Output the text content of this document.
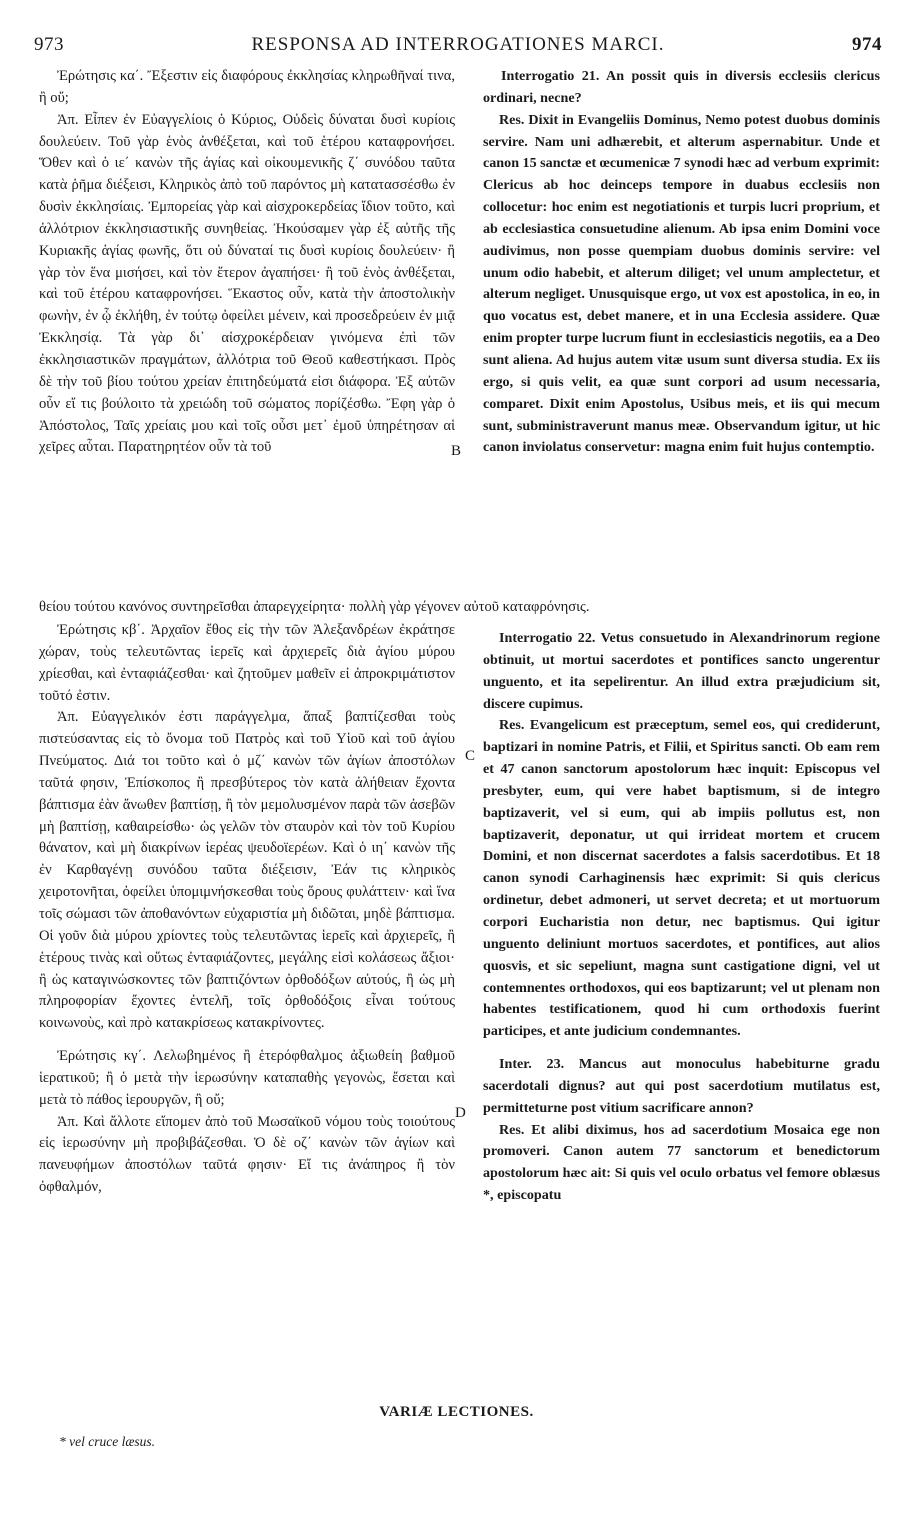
973	RESPONSA AD INTERROGATIONES MARCI.	974

Ἐρώτησις κα΄. Ἔξεστιν εἰς διαφόρους ἐκκλησίας κληρωθῆναί τινα, ἢ οὔ;

Ἀπ. Εἶπεν ἐν Εὐαγγελίοις ὁ Κύριος, Οὐδεὶς δύναται δυσὶ κυρίοις δουλεύειν. Τοῦ γὰρ ἑνὸς ἀνθέξεται, καὶ τοῦ ἑτέρου καταφρονήσει. Ὅθεν καὶ ὁ ιε΄ κανὼν τῆς ἁγίας καὶ οἰκουμενικῆς ζ΄ συνόδου ταῦτα κατὰ ῥῆμα διέξεισι, Κληρικὸς ἀπὸ τοῦ παρόντος μὴ κατατασσέσθω ἐν δυσὶν ἐκκλησίαις. Ἐμπορείας γὰρ καὶ αἰσχροκερδείας ἴδιον τοῦτο, καὶ ἀλλότριον ἐκκλησιαστικῆς συνηθείας. Ἠκούσαμεν γὰρ ἐξ αὐτῆς τῆς Κυριακῆς ἁγίας φωνῆς, ὅτι οὐ δύναταί τις δυσὶ κυρίοις δουλεύειν· ἢ γὰρ τὸν ἕνα μισήσει, καὶ τὸν ἕτερον ἀγαπήσει· ἢ τοῦ ἑνὸς ἀνθέξεται, καὶ τοῦ ἑτέρου καταφρονήσει. Ἕκαστος οὖν, κατὰ τὴν ἀποστολικὴν φωνὴν, ἐν ᾧ ἐκλήθη, ἐν τούτῳ ὀφείλει μένειν, καὶ προσεδρεύειν ἐν μιᾷ Ἐκκλησίᾳ. Τὰ γὰρ δι᾽ αἰσχροκέρδειαν γινόμενα ἐπὶ τῶν ἐκκλησιαστικῶν πραγμάτων, ἀλλότρια τοῦ Θεοῦ καθεστήκασι. Πρὸς δὲ τὴν τοῦ βίου τούτου χρείαν ἐπιτηδεύματά εἰσι διάφορα. Ἐξ αὐτῶν οὖν εἴ τις βούλοιτο τὰ χρειώδη τοῦ σώματος πορίζέσθω. Ἔφη γὰρ ὁ Ἀπόστολος, Ταῖς χρείαις μου καὶ τοῖς οὖσι μετ᾽ ἐμοῦ ὑπηρέτησαν αἱ χεῖρες αὗται. Παρατηρητέον οὖν τὰ τοῦ

θείου τούτου κανόνος συντηρεῖσθαι ἀπαρεγχείρητα· πολλὴ γὰρ γέγονεν αὐτοῦ καταφρόνησις.

Ἐρώτησις κβ΄. Ἀρχαῖον ἔθος εἰς τὴν τῶν Ἀλεξανδρέων ἐκράτησε χώραν, τοὺς τελευτῶντας ἱερεῖς καὶ ἀρχιερεῖς διὰ ἁγίου μύρου χρίεσθαι, καὶ ἐνταφιάζεσθαι· καὶ ζητοῦμεν μαθεῖν εἰ ἀπροκριμάτιστον τοῦτό ἐστιν.

Ἀπ. Εὐαγγελικόν ἐστι παράγγελμα, ἅπαξ βαπτίζεσθαι τοὺς πιστεύσαντας εἰς τὸ ὄνομα τοῦ Πατρὸς καὶ τοῦ Υἱοῦ καὶ τοῦ ἁγίου Πνεύματος. Διά τοι τοῦτο καὶ ὁ μζ΄ κανὼν τῶν ἁγίων ἀποστόλων ταῦτά φησιν, Ἐπίσκοπος ἢ πρεσβύτερος τὸν κατὰ ἀλήθειαν ἔχοντα βάπτισμα ἐὰν ἄνωθεν βαπτίσῃ, ἢ τὸν μεμολυσμένον παρὰ τῶν ἀσεβῶν μὴ βαπτίσῃ, καθαιρείσθω· ὡς γελῶν τὸν σταυρὸν καὶ τὸν τοῦ Κυρίου θάνατον, καὶ μὴ διακρίνων ἱερέας ψευδοϊερέων. Καὶ ὁ ιη΄ κανὼν τῆς ἐν Καρθαγένῃ συνόδου ταῦτα διέξεισιν, Ἐάν τις κληρικὸς χειροτονῆται, ὀφείλει ὑπομιμνήσκεσθαι τοὺς ὅρους φυλάττειν· καὶ ἵνα τοῖς σώμασι τῶν ἀποθανόντων εὐχαριστία μὴ διδῶται, μηδὲ βάπτισμα. Οἱ γοῦν διὰ μύρου χρίοντες τοὺς τελευτῶντας ἱερεῖς καὶ ἀρχιερεῖς, ἢ ἑτέρους τινὰς καὶ οὕτως ἐνταφιάζοντες, μεγάλης εἰσὶ κολάσεως ἄξιοι· ἢ ὡς καταγινώσκοντες τῶν βαπτιζόντων ὀρθοδόξων αὐτούς, ἢ ὡς μὴ πληροφορίαν ἔχοντες ἐντελῆ, τοῖς ὀρθοδόξοις εἶναι τούτους κοινωνοὺς, καὶ πρὸ κατακρίσεως κατακρίνοντες.

Ἐρώτησις κγ΄. Λελωβημένος ἢ ἑτερόφθαλμος ἀξιωθείη βαθμοῦ ἱερατικοῦ; ἢ ὁ μετὰ τὴν ἱερωσύνην καταπαθὴς γεγονὼς, ἔσεται καὶ μετὰ τὸ πάθος ἱερουργῶν, ἢ οὔ;

Ἀπ. Καὶ ἄλλοτε εἴπομεν ἀπὸ τοῦ Μωσαϊκοῦ νόμου τοὺς τοιούτους εἰς ἱερωσύνην μὴ προβιβάζεσθαι. Ὁ δὲ οζ΄ κανὼν τῶν ἁγίων καὶ πανευφήμων ἀποστόλων ταῦτά φησιν· Εἴ τις ἀνάπηρος ἢ τὸν ὀφθαλμόν,

Interrogatio 21. An possit quis in diversis ecclesiis clericus ordinari, necne?

Res. Dixit in Evangeliis Dominus, Nemo potest duobus dominis servire. Nam uni adhærebit, et alterum aspernabitur. Unde et canon 15 sanctæ et œcumenicæ 7 synodi hæc ad verbum exprimit: Clericus ab hoc deinceps tempore in duabus ecclesiis non collocetur: hoc enim est negotiationis et turpis lucri proprium, et ab ecclesiastica consuetudine alienum. Ab ipsa enim Domini voce audivimus, non posse quempiam duobus dominis servire: vel unum odio habebit, et alterum diliget; vel unum amplectetur, et alterum negliget. Unusquisque ergo, ut vox est apostolica, in eo, in quo vocatus est, debet manere, et in una Ecclesia assidere. Quæ enim propter turpe lucrum fiunt in ecclesiasticis negotiis, ea a Deo sunt aliena. Ad hujus autem vitæ usum sunt diversa studia. Ex iis ergo, si quis velit, ea quæ sunt corpori ad usum necessaria, comparet. Dixit enim Apostolus, Usibus meis, et iis qui mecum sunt, subministraverunt manus meæ. Observandum igitur, ut hic canon inviolatus conservetur: magna enim fuit hujus contemptio.

Interrogatio 22. Vetus consuetudo in Alexandrinorum regione obtinuit, ut mortui sacerdotes et pontifices sancto ungerentur unguento, et ita sepelirentur. An illud extra præjudicium sit, discere cupimus.

Res. Evangelicum est præceptum, semel eos, qui crediderunt, baptizari in nomine Patris, et Filii, et Spiritus sancti. Ob eam rem et 47 canon sanctorum apostolorum hæc inquit: Episcopus vel presbyter, eum, qui vere habet baptismum, si de integro baptizaverit, vel si eum, qui ab impiis pollutus est, non baptizaverit, deponatur, ut qui irrideat mortem et crucem Domini, et non discernat sacerdotes a falsis sacerdotibus. Et 18 canon synodi Carhaginensis hæc exprimit: Si quis clericus ordinetur, debet admoneri, ut servet decreta; et ut mortuorum corpori Eucharistia non detur, nec baptismus. Qui igitur unguento deliniunt mortuos sacerdotes, et pontifices, aut alios quosvis, et sic sepeliunt, magna sunt castigatione digni, vel ut contemnentes orthodoxos, qui eos baptizarunt; vel ut plenam non habentes testificationem, quod hi cum orthodoxis fuerint participes, et ante judicium condemnantes.

Inter. 23. Mancus aut monoculus habebiturne gradu sacerdotali dignus? aut qui post sacerdotium mutilatus est, permitteturne post vitium sacrificare annon?

Res. Et alibi diximus, hos ad sacerdotium Mosaica ege non promoveri. Canon autem 77 sanctorum et benedictorum apostolorum hæc ait: Si quis vel oculo orbatus vel femore oblæsus *, episcopatu

B
C
D
VARIÆ LECTIONES.
* vel cruce læsus.
